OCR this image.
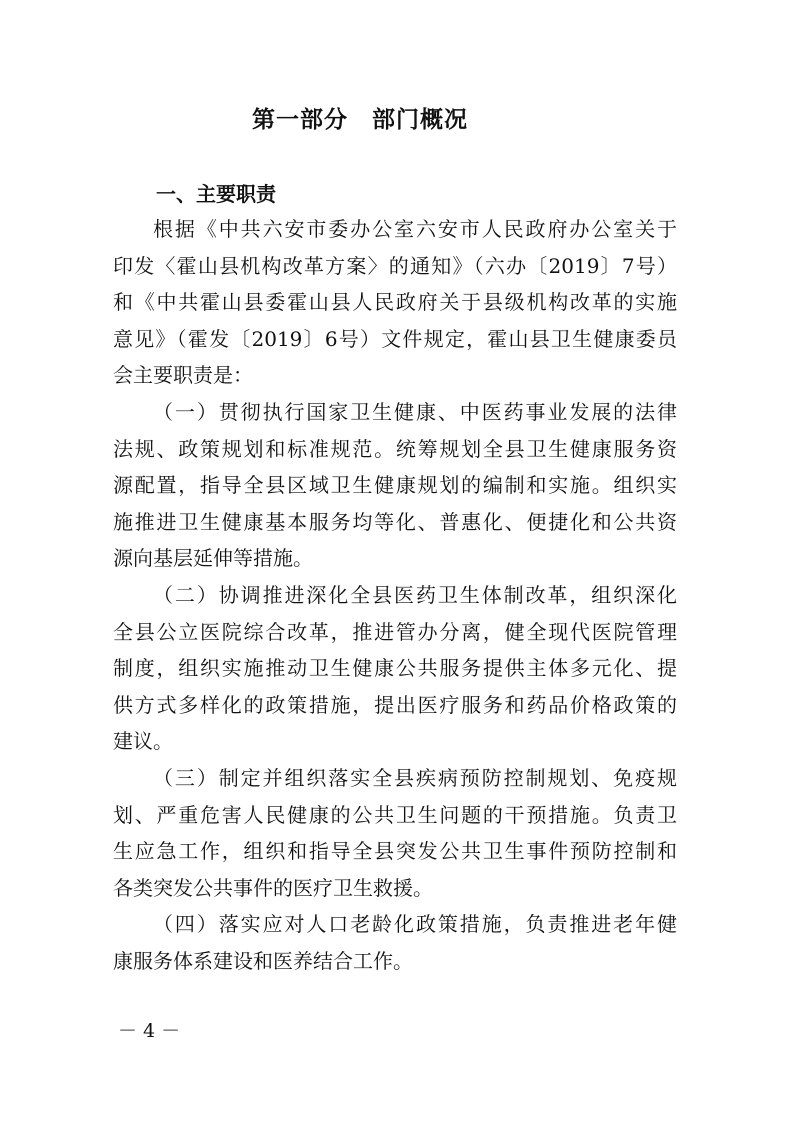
第一部分　部门概况
一、主要职责

根据《中共六安市委办公室六安市人民政府办公室关于
印发〈霍山县机构改革方案〉的通知》（六办〔2019〕7号）
和《中共霍山县委霍山县人民政府关于县级机构改革的实施
意见》（霍发〔2019〕6号）文件规定，霍山县卫生健康委员
会主要职责是：

（一）贯彻执行国家卫生健康、中医药事业发展的法律
法规、政策规划和标准规范。统筹规划全县卫生健康服务资
源配置，指导全县区域卫生健康规划的编制和实施。组织实
施推进卫生健康基本服务均等化、普惠化、便捷化和公共资
源向基层延伸等措施。

（二）协调推进深化全县医药卫生体制改革，组织深化
全县公立医院综合改革，推进管办分离，健全现代医院管理
制度，组织实施推动卫生健康公共服务提供主体多元化、提
供方式多样化的政策措施，提出医疗服务和药品价格政策的
建议。

（三）制定并组织落实全县疾病预防控制规划、免疫规
划、严重危害人民健康的公共卫生问题的干预措施。负责卫
生应急工作，组织和指导全县突发公共卫生事件预防控制和
各类突发公共事件的医疗卫生救援。

（四）落实应对人口老龄化政策措施，负责推进老年健
康服务体系建设和医养结合工作。

－ 4 －
